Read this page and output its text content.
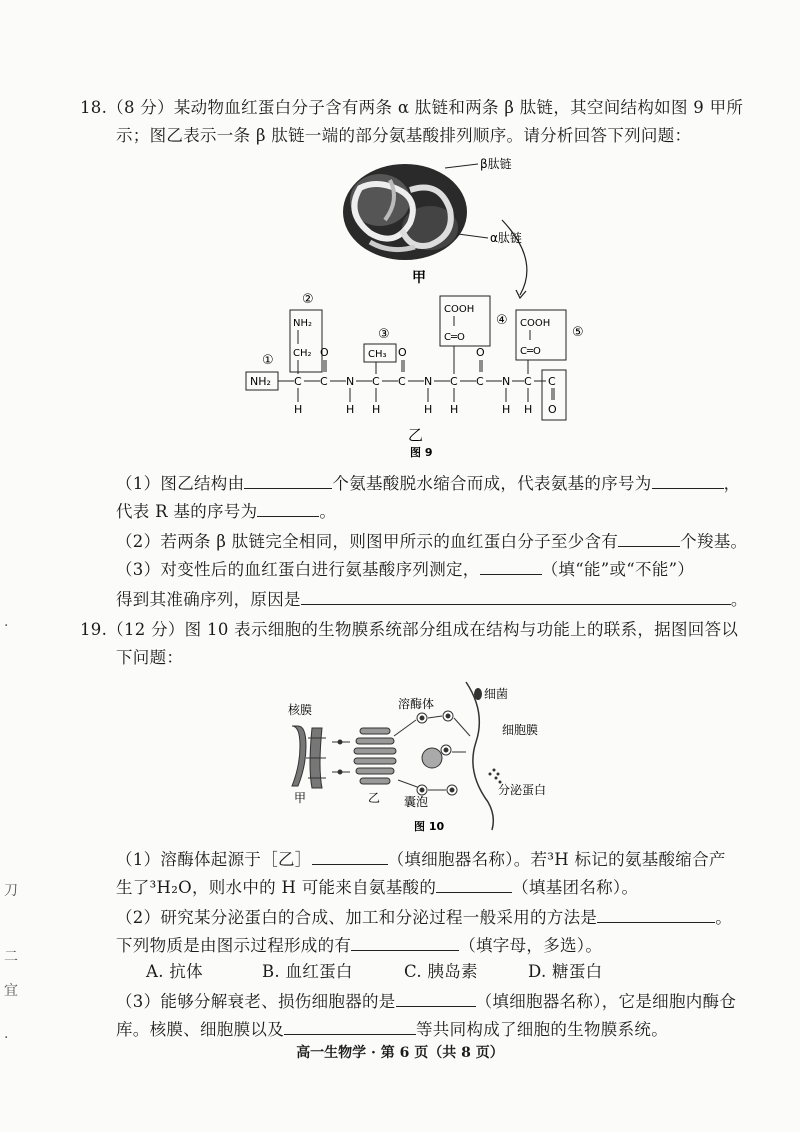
18.（8 分）某动物血红蛋白分子含有两条 α 肽链和两条 β 肽链，其空间结构如图 9 甲所
示；图乙表示一条 β 肽链一端的部分氨基酸排列顺序。请分析回答下列问题：
β肽链
α肽链
甲
NH₂
①
C
H
②
NH₂
CH₂
C
O
N
H
C
H
CH₃
③
C
O
N
H
C
H
COOH
C═O
④
C
O
N
H
C
H
COOH
C═O
⑤
C
O
乙
图 9
（1）图乙结构由	个氨基酸脱水缩合而成，代表氨基的序号为	，
代表 R 基的序号为	。
（2）若两条 β 肽链完全相同，则图甲所示的血红蛋白分子至少含有	个羧基。
（3）对变性后的血红蛋白进行氨基酸序列测定，	（填“能”或“不能”）
得到其准确序列，原因是	。
19.（12 分）图 10 表示细胞的生物膜系统部分组成在结构与功能上的联系，据图回答以
下问题：
核膜
甲	乙
溶酶体
囊泡
细菌
细胞膜
分泌蛋白
图 10
（1）溶酶体起源于［乙］	（填细胞器名称）。若³H 标记的氨基酸缩合产
生了³H₂O，则水中的 H 可能来自氨基酸的	（填基团名称）。
（2）研究某分泌蛋白的合成、加工和分泌过程一般采用的方法是	。
下列物质是由图示过程形成的有	（填字母，多选）。
A. 抗体	B. 血红蛋白	C. 胰岛素	D. 糖蛋白
（3）能够分解衰老、损伤细胞器的是	（填细胞器名称），它是细胞内酶仓
库。核膜、细胞膜以及	等共同构成了细胞的生物膜系统。
·
刀
二
宜
·
高一生物学 · 第 6 页（共 8 页）
